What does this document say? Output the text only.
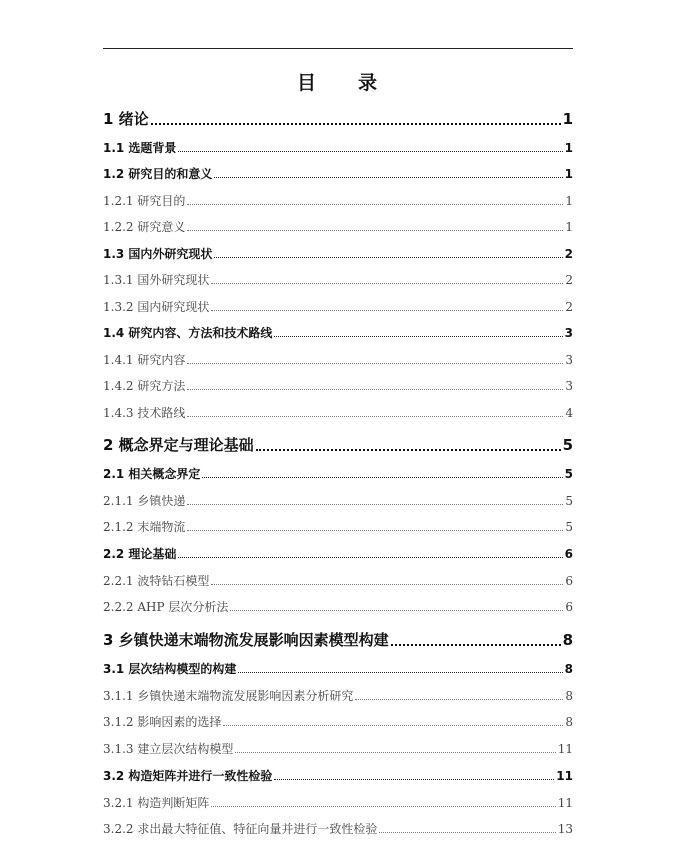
目 录
1 绪论	1
1.1 选题背景	1
1.2 研究目的和意义	1
1.2.1 研究目的	1
1.2.2 研究意义	1
1.3 国内外研究现状	2
1.3.1 国外研究现状	2
1.3.2 国内研究现状	2
1.4 研究内容、方法和技术路线	3
1.4.1 研究内容	3
1.4.2 研究方法	3
1.4.3 技术路线	4
2 概念界定与理论基础	5
2.1 相关概念界定	5
2.1.1 乡镇快递	5
2.1.2 末端物流	5
2.2 理论基础	6
2.2.1 波特钻石模型	6
2.2.2 AHP 层次分析法	6
3 乡镇快递末端物流发展影响因素模型构建	8
3.1 层次结构模型的构建	8
3.1.1 乡镇快递末端物流发展影响因素分析研究	8
3.1.2 影响因素的选择	8
3.1.3 建立层次结构模型	11
3.2 构造矩阵并进行一致性检验	11
3.2.1 构造判断矩阵	11
3.2.2 求出最大特征值、特征向量并进行一致性检验	13
